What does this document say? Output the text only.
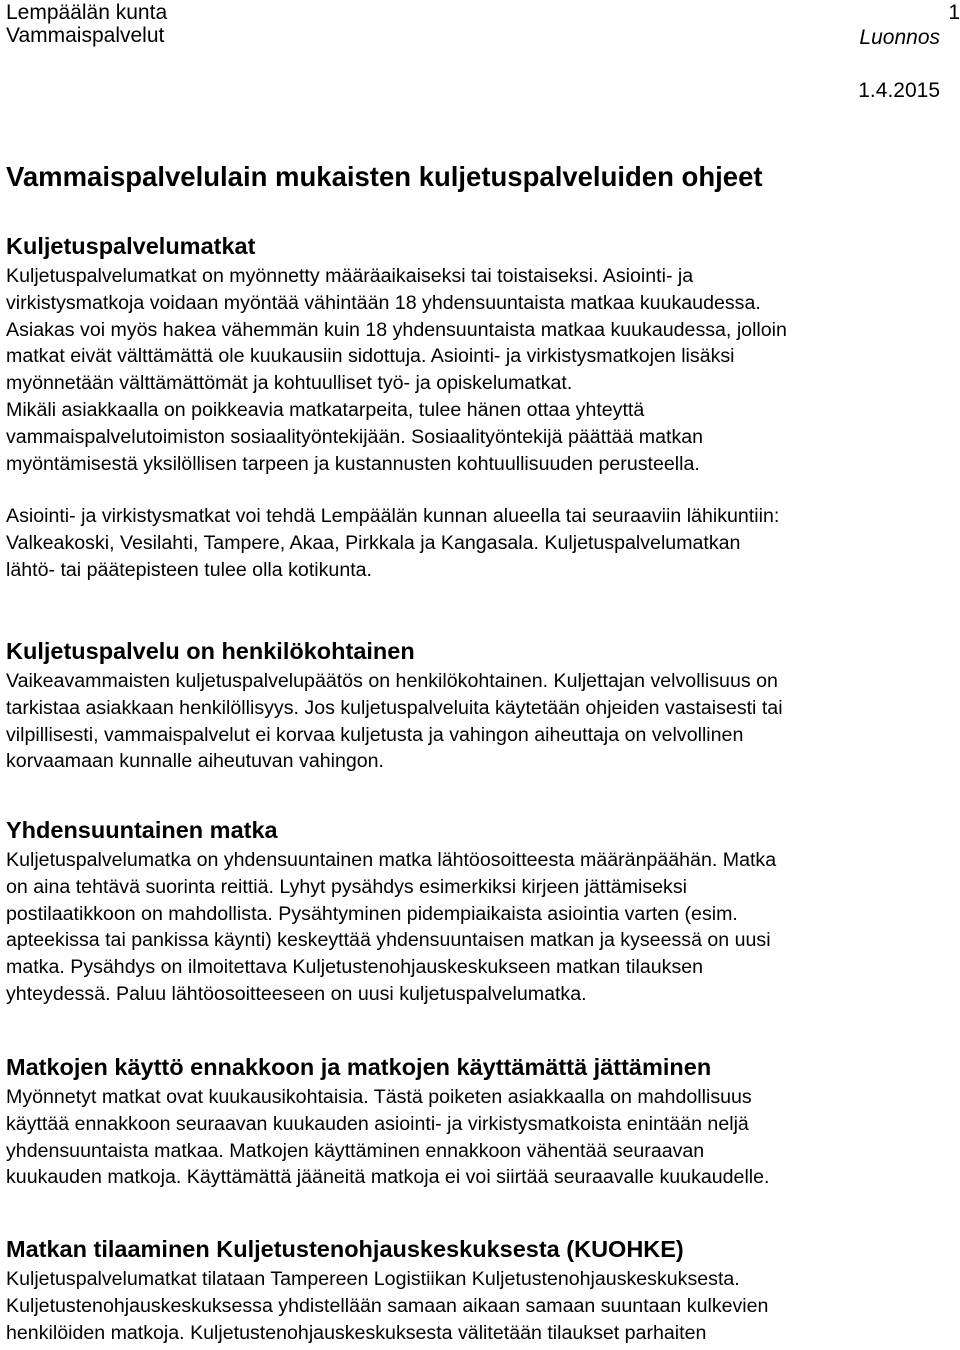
Lempäälän kunta
Vammaispalvelut
1
Luonnos
1.4.2015
Vammaispalvelulain mukaisten kuljetuspalveluiden ohjeet
Kuljetuspalvelumatkat
Kuljetuspalvelumatkat on myönnetty määräaikaiseksi tai toistaiseksi. Asiointi- ja
virkistysmatkoja voidaan myöntää vähintään 18 yhdensuuntaista matkaa kuukaudessa.
Asiakas voi myös hakea vähemmän kuin 18 yhdensuuntaista matkaa kuukaudessa, jolloin
matkat eivät välttämättä ole kuukausiin sidottuja. Asiointi- ja virkistysmatkojen lisäksi
myönnetään välttämättömät ja kohtuulliset työ- ja opiskelumatkat.
Mikäli asiakkaalla on poikkeavia matkatarpeita, tulee hänen ottaa yhteyttä
vammaispalvelutoimiston sosiaalityöntekijään. Sosiaalityöntekijä päättää matkan
myöntämisestä yksilöllisen tarpeen ja kustannusten kohtuullisuuden perusteella.
Asiointi- ja virkistysmatkat voi tehdä Lempäälän kunnan alueella tai seuraaviin lähikuntiin:
Valkeakoski, Vesilahti, Tampere, Akaa, Pirkkala ja Kangasala. Kuljetuspalvelumatkan
lähtö- tai päätepisteen tulee olla kotikunta.
Kuljetuspalvelu on henkilökohtainen
Vaikeavammaisten kuljetuspalvelupäätös on henkilökohtainen. Kuljettajan velvollisuus on
tarkistaa asiakkaan henkilöllisyys. Jos kuljetuspalveluita käytetään ohjeiden vastaisesti tai
vilpillisesti, vammaispalvelut ei korvaa kuljetusta ja vahingon aiheuttaja on velvollinen
korvaamaan kunnalle aiheutuvan vahingon.
Yhdensuuntainen matka
Kuljetuspalvelumatka on yhdensuuntainen matka lähtöosoitteesta määränpäähän. Matka
on aina tehtävä suorinta reittiä. Lyhyt pysähdys esimerkiksi kirjeen jättämiseksi
postilaatikkoon on mahdollista. Pysähtyminen pidempiaikaista asiointia varten (esim.
apteekissa tai pankissa käynti) keskeyttää yhdensuuntaisen matkan ja kyseessä on uusi
matka. Pysähdys on ilmoitettava Kuljetustenohjauskeskukseen matkan tilauksen
yhteydessä. Paluu lähtöosoitteeseen on uusi kuljetuspalvelumatka.
Matkojen käyttö ennakkoon ja matkojen käyttämättä jättäminen
Myönnetyt matkat ovat kuukausikohtaisia. Tästä poiketen asiakkaalla on mahdollisuus
käyttää ennakkoon seuraavan kuukauden asiointi- ja virkistysmatkoista enintään neljä
yhdensuuntaista matkaa. Matkojen käyttäminen ennakkoon vähentää seuraavan
kuukauden matkoja. Käyttämättä jääneitä matkoja ei voi siirtää seuraavalle kuukaudelle.
Matkan tilaaminen Kuljetustenohjauskeskuksesta (KUOHKE)
Kuljetuspalvelumatkat tilataan Tampereen Logistiikan Kuljetustenohjauskeskuksesta.
Kuljetustenohjauskeskuksessa yhdistellään samaan aikaan samaan suuntaan kulkevien
henkilöiden matkoja. Kuljetustenohjauskeskuksesta välitetään tilaukset parhaiten
